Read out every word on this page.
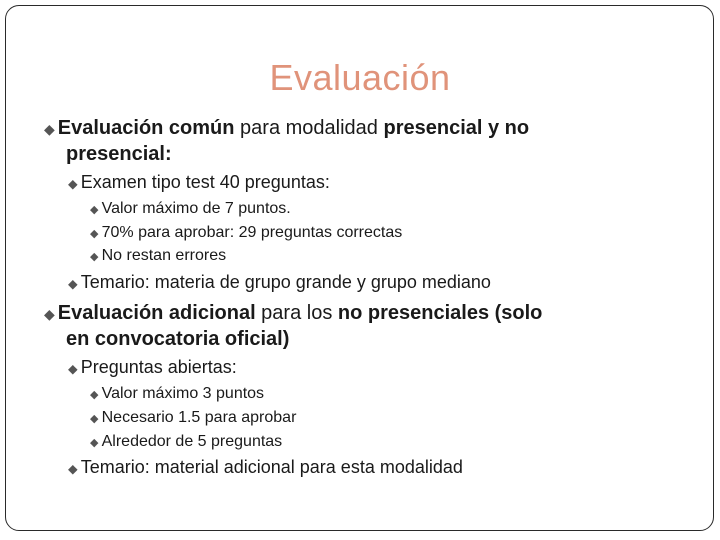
Evaluación
◆ Evaluación común para modalidad presencial y no
presencial:
◆ Examen tipo test 40 preguntas:
◆ Valor máximo de 7 puntos.
◆ 70% para aprobar: 29 preguntas correctas
◆ No restan errores
◆ Temario: materia de grupo grande y grupo mediano
◆ Evaluación adicional para los no presenciales (solo
en convocatoria oficial)
◆ Preguntas abiertas:
◆ Valor máximo 3 puntos
◆ Necesario 1.5 para aprobar
◆ Alrededor de 5 preguntas
◆ Temario: material adicional para esta modalidad
